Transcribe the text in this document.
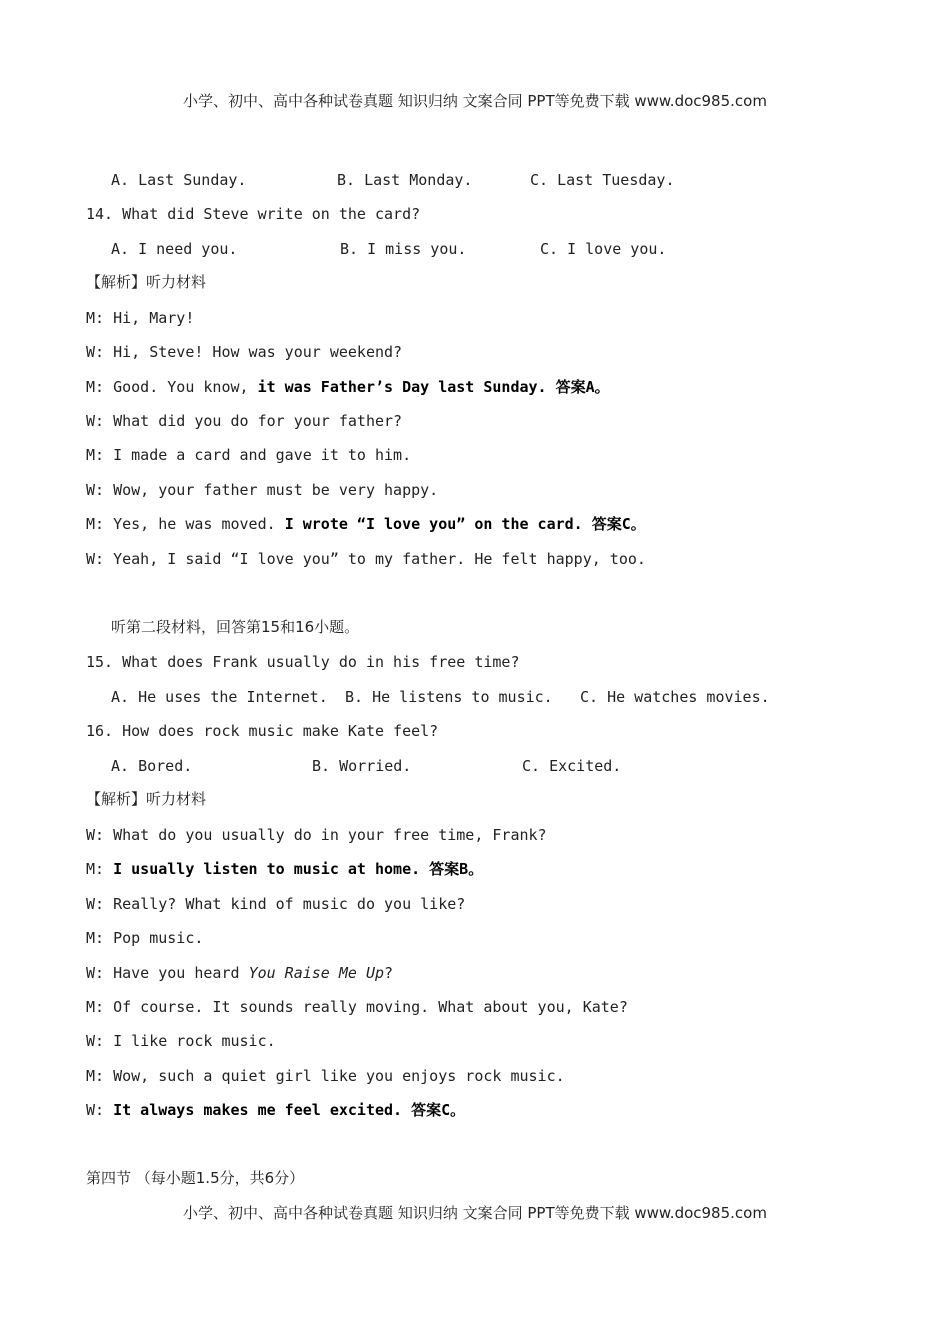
小学、初中、高中各种试卷真题 知识归纳 文案合同 PPT等免费下载 www.doc985.com
A. Last Sunday.	B. Last Monday.	C. Last Tuesday.
14. What did Steve write on the card?
A. I need you.	B. I miss you.	C. I love you.
【解析】听力材料
M: Hi, Mary!
W: Hi, Steve! How was your weekend?
M: Good. You know, it was Father’s Day last Sunday. 答案A。
W: What did you do for your father?
M: I made a card and gave it to him.
W: Wow, your father must be very happy.
M: Yes, he was moved. I wrote “I love you” on the card. 答案C。
W: Yeah, I said “I love you” to my father. He felt happy, too.
听第二段材料，回答第15和16小题。
15. What does Frank usually do in his free time?
A. He uses the Internet. B. He listens to music. C. He watches movies.
16. How does rock music make Kate feel?
A. Bored.	B. Worried.	C. Excited.
【解析】听力材料
W: What do you usually do in your free time, Frank?
M: I usually listen to music at home. 答案B。
W: Really? What kind of music do you like?
M: Pop music.
W: Have you heard You Raise Me Up?
M: Of course. It sounds really moving. What about you, Kate?
W: I like rock music.
M: Wow, such a quiet girl like you enjoys rock music.
W: It always makes me feel excited. 答案C。
第四节 （每小题1.5分，共6分）
小学、初中、高中各种试卷真题 知识归纳 文案合同 PPT等免费下载 www.doc985.com
